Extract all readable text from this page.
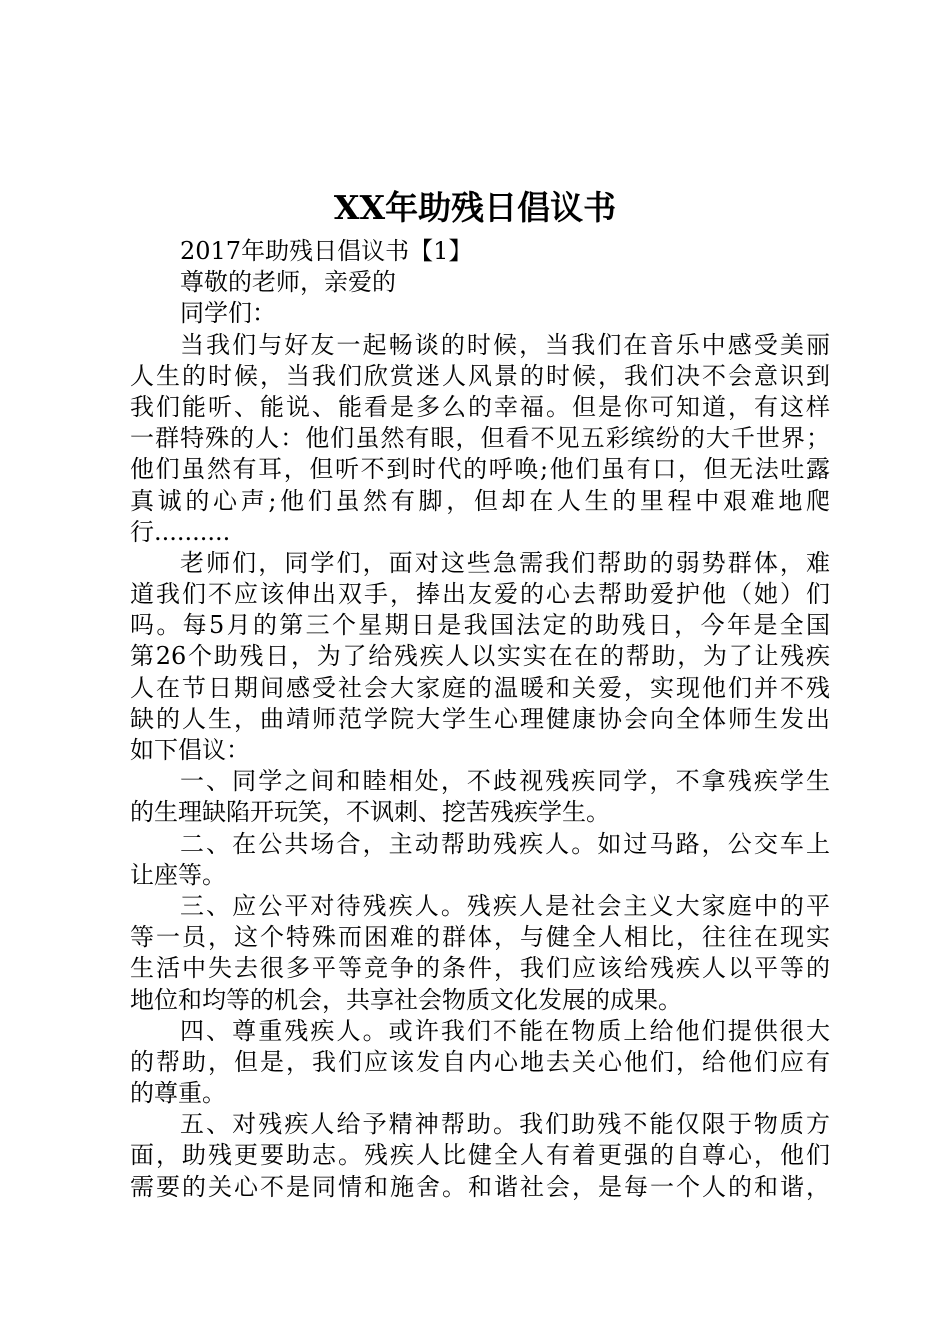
XX年助残日倡议书
2017年助残日倡议书【1】
尊敬的老师，亲爱的
同学们：
当我们与好友一起畅谈的时候，当我们在音乐中感受美丽
人生的时候，当我们欣赏迷人风景的时候，我们决不会意识到
我们能听、能说、能看是多么的幸福。但是你可知道，有这样
一群特殊的人：他们虽然有眼，但看不见五彩缤纷的大千世界；
他们虽然有耳，但听不到时代的呼唤;他们虽有口，但无法吐露
真诚的心声;他们虽然有脚，但却在人生的里程中艰难地爬
行..........
老师们，同学们，面对这些急需我们帮助的弱势群体，难
道我们不应该伸出双手，捧出友爱的心去帮助爱护他（她）们
吗。每5月的第三个星期日是我国法定的助残日，今年是全国
第26个助残日，为了给残疾人以实实在在的帮助，为了让残疾
人在节日期间感受社会大家庭的温暖和关爱，实现他们并不残
缺的人生，曲靖师范学院大学生心理健康协会向全体师生发出
如下倡议：
一、同学之间和睦相处，不歧视残疾同学，不拿残疾学生
的生理缺陷开玩笑，不讽刺、挖苦残疾学生。
二、在公共场合，主动帮助残疾人。如过马路，公交车上
让座等。
三、应公平对待残疾人。残疾人是社会主义大家庭中的平
等一员，这个特殊而困难的群体，与健全人相比，往往在现实
生活中失去很多平等竞争的条件，我们应该给残疾人以平等的
地位和均等的机会，共享社会物质文化发展的成果。
四、尊重残疾人。或许我们不能在物质上给他们提供很大
的帮助，但是，我们应该发自内心地去关心他们，给他们应有
的尊重。
五、对残疾人给予精神帮助。我们助残不能仅限于物质方
面，助残更要助志。残疾人比健全人有着更强的自尊心，他们
需要的关心不是同情和施舍。和谐社会，是每一个人的和谐，
